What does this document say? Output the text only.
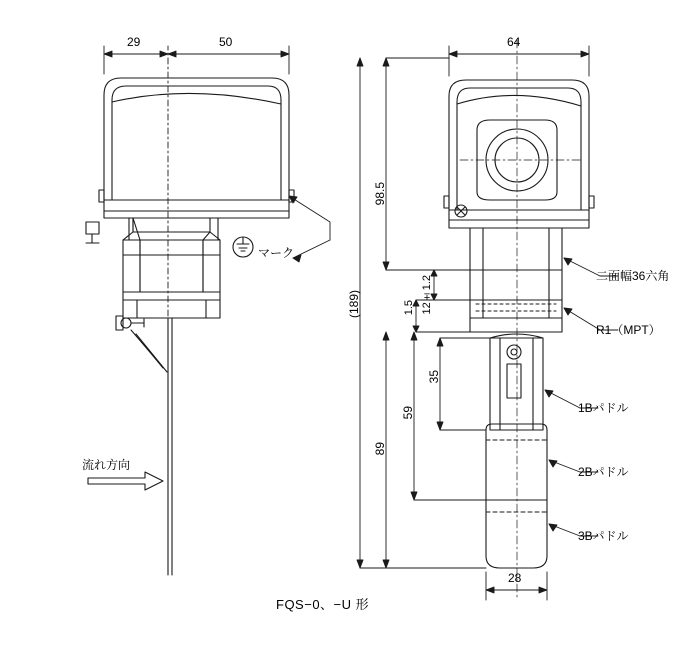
29	50
マーク
流れ方向
64
98.5
(189)	1.5 12±1.2
35
59
89
28
二面幅36六角
R1（MPT）
1Bパドル
2Bパドル
3Bパドル
FQS−0、−U 形
